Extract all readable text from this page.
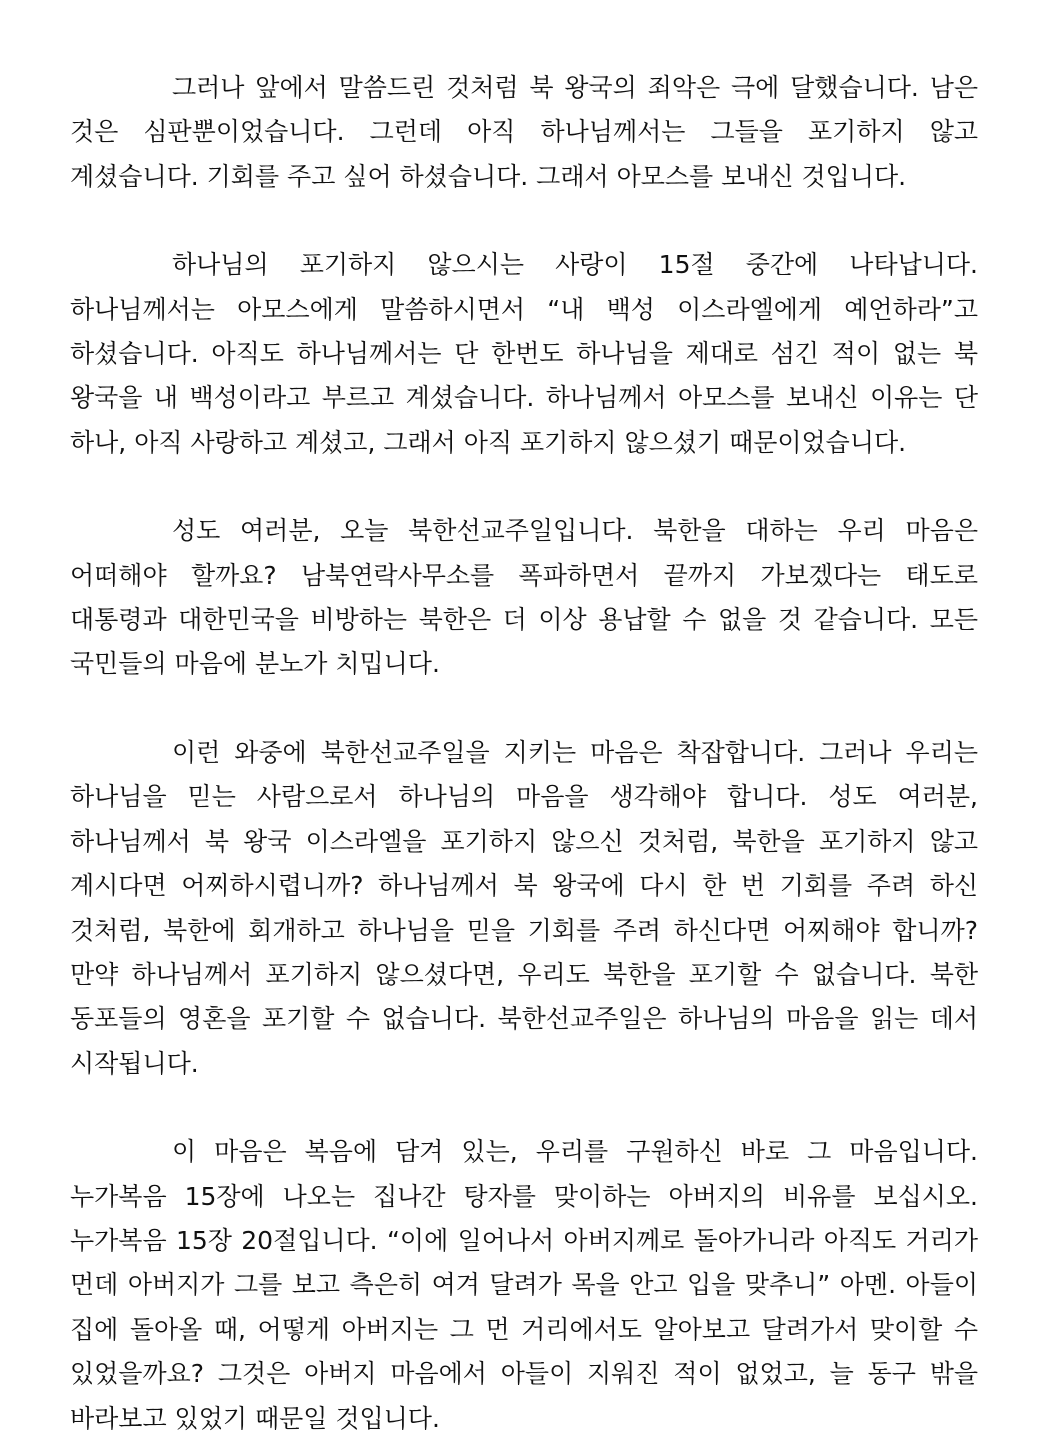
그러나 앞에서 말씀드린 것처럼 북 왕국의 죄악은 극에 달했습니다. 남은 것은 심판뿐이었습니다. 그런데 아직 하나님께서는 그들을 포기하지 않고 계셨습니다. 기회를 주고 싶어 하셨습니다. 그래서 아모스를 보내신 것입니다.

하나님의 포기하지 않으시는 사랑이 15절 중간에 나타납니다. 하나님께서는 아모스에게 말씀하시면서 “내 백성 이스라엘에게 예언하라”고 하셨습니다. 아직도 하나님께서는 단 한번도 하나님을 제대로 섬긴 적이 없는 북 왕국을 내 백성이라고 부르고 계셨습니다. 하나님께서 아모스를 보내신 이유는 단 하나, 아직 사랑하고 계셨고, 그래서 아직 포기하지 않으셨기 때문이었습니다.

성도 여러분, 오늘 북한선교주일입니다. 북한을 대하는 우리 마음은 어떠해야 할까요? 남북연락사무소를 폭파하면서 끝까지 가보겠다는 태도로 대통령과 대한민국을 비방하는 북한은 더 이상 용납할 수 없을 것 같습니다. 모든 국민들의 마음에 분노가 치밉니다.

이런 와중에 북한선교주일을 지키는 마음은 착잡합니다. 그러나 우리는 하나님을 믿는 사람으로서 하나님의 마음을 생각해야 합니다. 성도 여러분, 하나님께서 북 왕국 이스라엘을 포기하지 않으신 것처럼, 북한을 포기하지 않고 계시다면 어찌하시렵니까? 하나님께서 북 왕국에 다시 한 번 기회를 주려 하신 것처럼, 북한에 회개하고 하나님을 믿을 기회를 주려 하신다면 어찌해야 합니까? 만약 하나님께서 포기하지 않으셨다면, 우리도 북한을 포기할 수 없습니다. 북한 동포들의 영혼을 포기할 수 없습니다. 북한선교주일은 하나님의 마음을 읽는 데서 시작됩니다.

이 마음은 복음에 담겨 있는, 우리를 구원하신 바로 그 마음입니다. 누가복음 15장에 나오는 집나간 탕자를 맞이하는 아버지의 비유를 보십시오. 누가복음 15장 20절입니다. “이에 일어나서 아버지께로 돌아가니라 아직도 거리가 먼데 아버지가 그를 보고 측은히 여겨 달려가 목을 안고 입을 맞추니” 아멘. 아들이 집에 돌아올 때, 어떻게 아버지는 그 먼 거리에서도 알아보고 달려가서 맞이할 수 있었을까요? 그것은 아버지 마음에서 아들이 지워진 적이 없었고, 늘 동구 밖을 바라보고 있었기 때문일 것입니다.
